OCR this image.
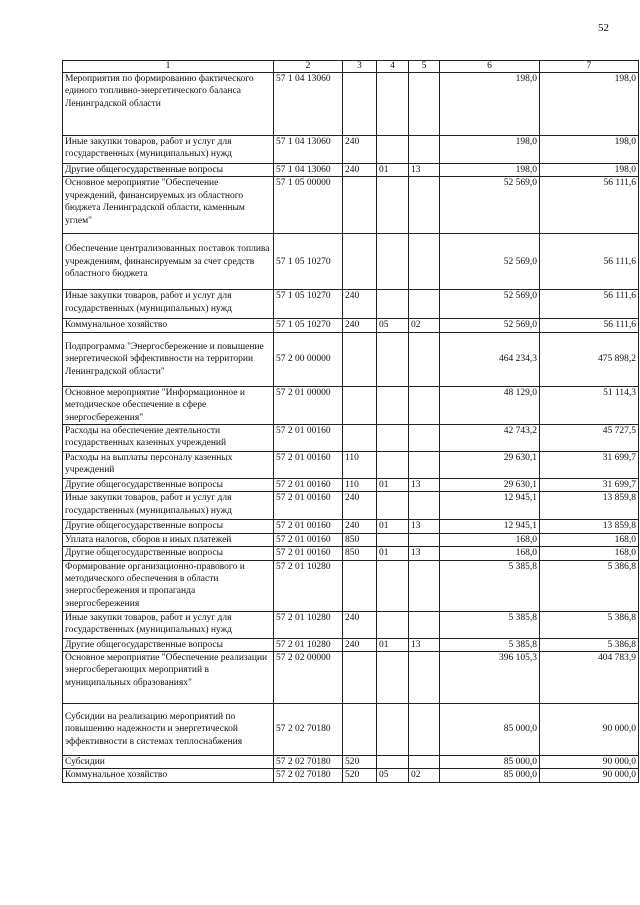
52
1	2	3	4	5	6	7
Мероприятия по формированию фактического единого топливно-энергетического баланса Ленинградской области	57 1 04 13060				198,0	198,0
Иные закупки товаров, работ и услуг для государственных (муниципальных) нужд	57 1 04 13060	240			198,0	198,0
Другие общегосударственные вопросы	57 1 04 13060	240	01	13	198,0	198,0
Основное мероприятие "Обеспечение учреждений, финансируемых из областного бюджета Ленинградской области, каменным углем"	57 1 05 00000				52 569,0	56 111,6
Обеспечение централизованных поставок топлива учреждениям, финансируемым за счет средств областного бюджета	57 1 05 10270				52 569,0	56 111,6
Иные закупки товаров, работ и услуг для государственных (муниципальных) нужд	57 1 05 10270	240			52 569,0	56 111,6
Коммунальное хозяйство	57 1 05 10270	240	05	02	52 569,0	56 111,6
Подпрограмма "Энергосбережение и повышение энергетической эффективности на территории Ленинградской области"	57 2 00 00000				464 234,3	475 898,2
Основное мероприятие "Информационное и методическое обеспечение в сфере энергосбережения"	57 2 01 00000				48 129,0	51 114,3
Расходы на обеспечение деятельности государственных казенных учреждений	57 2 01 00160				42 743,2	45 727,5
Расходы на выплаты персоналу казенных учреждений	57 2 01 00160	110			29 630,1	31 699,7
Другие общегосударственные вопросы	57 2 01 00160	110	01	13	29 630,1	31 699,7
Иные закупки товаров, работ и услуг для государственных (муниципальных) нужд	57 2 01 00160	240			12 945,1	13 859,8
Другие общегосударственные вопросы	57 2 01 00160	240	01	13	12 945,1	13 859,8
Уплата налогов, сборов и иных платежей	57 2 01 00160	850			168,0	168,0
Другие общегосударственные вопросы	57 2 01 00160	850	01	13	168,0	168,0
Формирование организационно-правового и методического обеспечения в области энергосбережения и пропаганда энергосбережения	57 2 01 10280				5 385,8	5 386,8
Иные закупки товаров, работ и услуг для государственных (муниципальных) нужд	57 2 01 10280	240			5 385,8	5 386,8
Другие общегосударственные вопросы	57 2 01 10280	240	01	13	5 385,8	5 386,8
Основное мероприятие "Обеспечение реализации энергосберегающих мероприятий в муниципальных образованиях"	57 2 02 00000				396 105,3	404 783,9
Субсидии на реализацию мероприятий по повышению надежности и энергетической эффективности в системах теплоснабжения	57 2 02 70180				85 000,0	90 000,0
Субсидии	57 2 02 70180	520			85 000,0	90 000,0
Коммунальное хозяйство	57 2 02 70180	520	05	02	85 000,0	90 000,0
